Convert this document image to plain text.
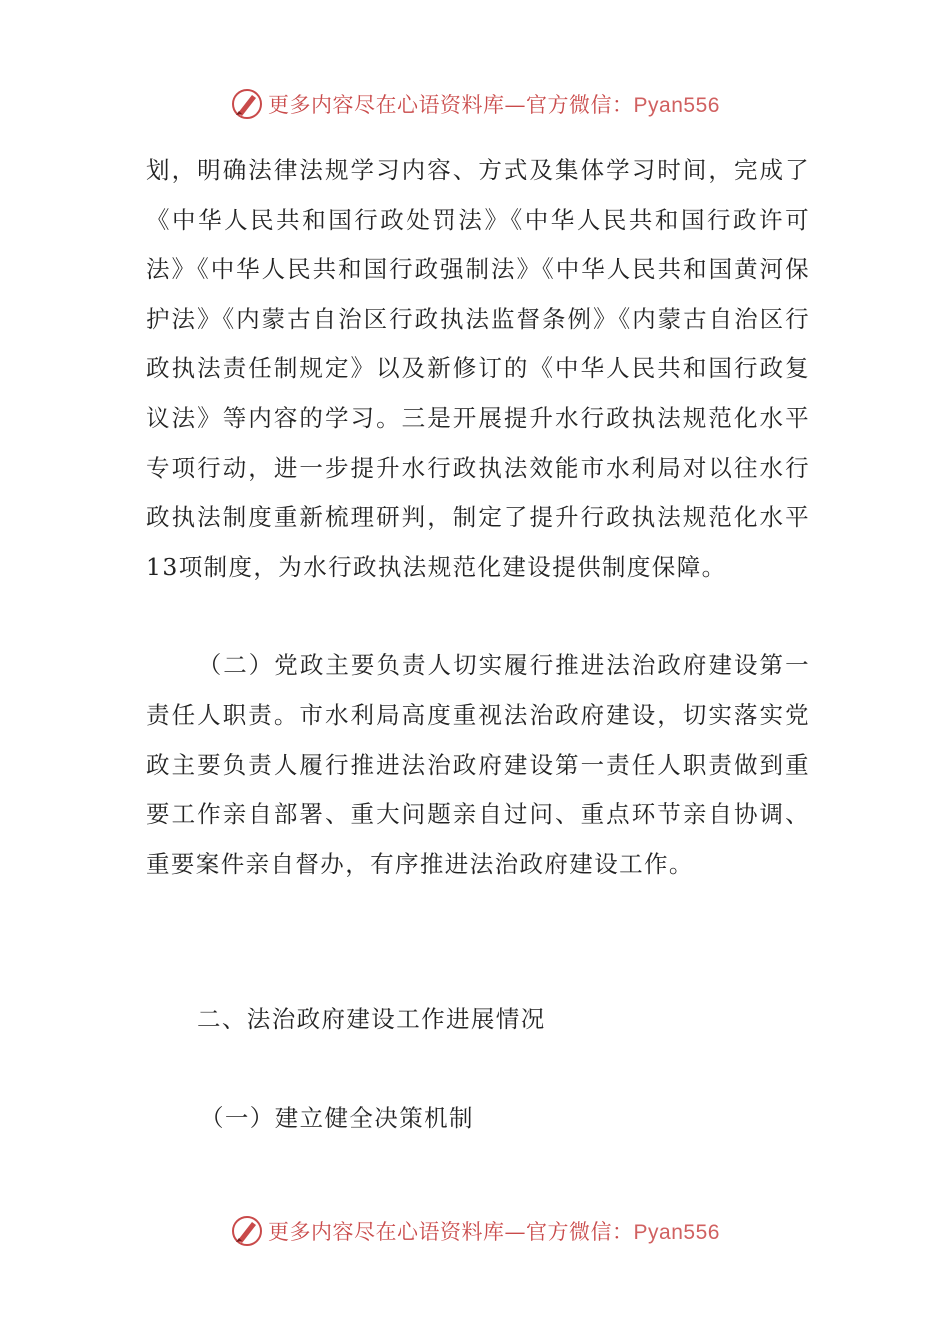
更多内容尽在心语资料库—官方微信：Pyan556

划，明确法律法规学习内容、方式及集体学习时间，完成了《中华人民共和国行政处罚法》《中华人民共和国行政许可法》《中华人民共和国行政强制法》《中华人民共和国黄河保护法》《内蒙古自治区行政执法监督条例》《内蒙古自治区行政执法责任制规定》以及新修订的《中华人民共和国行政复议法》等内容的学习。三是开展提升水行政执法规范化水平专项行动，进一步提升水行政执法效能市水利局对以往水行政执法制度重新梳理研判，制定了提升行政执法规范化水平13项制度，为水行政执法规范化建设提供制度保障。

（二）党政主要负责人切实履行推进法治政府建设第一责任人职责。市水利局高度重视法治政府建设，切实落实党政主要负责人履行推进法治政府建设第一责任人职责做到重要工作亲自部署、重大问题亲自过问、重点环节亲自协调、重要案件亲自督办，有序推进法治政府建设工作。

二、法治政府建设工作进展情况
（一）建立健全决策机制
更多内容尽在心语资料库—官方微信：Pyan556
